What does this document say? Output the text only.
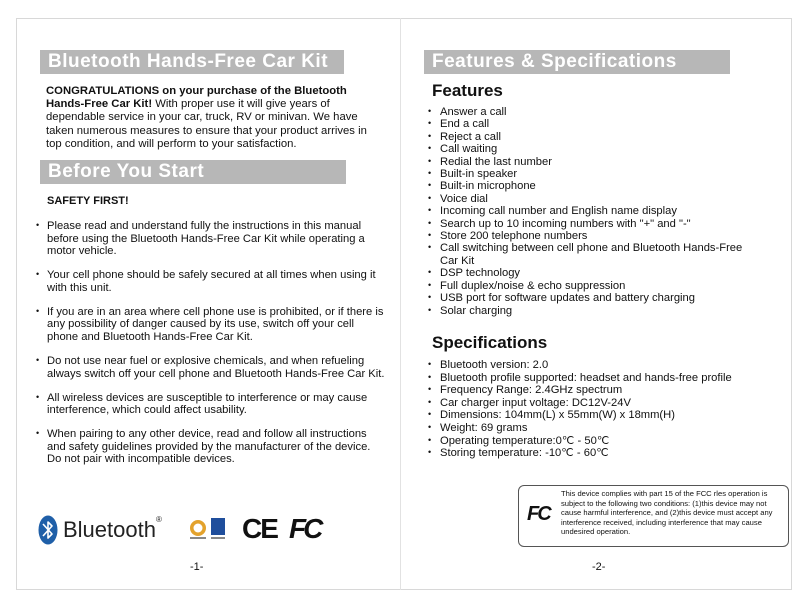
Bluetooth Hands-Free Car Kit
CONGRATULATIONS on your purchase of the Bluetooth Hands-Free Car Kit! With proper use it will give years of dependable service in your car, truck, RV or minivan. We have taken numerous measures to ensure that your product arrives in top condition, and will perform to your satisfaction.
Before You Start
SAFETY FIRST!
• Please read and understand fully the instructions in this manual before using the Bluetooth Hands-Free Car Kit while operating a motor vehicle.
• Your cell phone should be safely secured at all times when using it with this unit.
• If you are in an area where cell phone use is prohibited, or if there is any possibility of danger caused by its use, switch off your cell phone and Bluetooth Hands-Free Car Kit.
• Do not use near fuel or explosive chemicals, and when refueling always switch off your cell phone and Bluetooth Hands-Free Car Kit.
• All wireless devices are susceptible to interference or may cause interference, which could affect usability.
• When pairing to any other device, read and follow all instructions and safety guidelines provided by the manufacturer of the device. Do not pair with incompatible devices.
Bluetooth®	CE FC
-1-
Features & Specifications
Features
• Answer a call
• End a call
• Reject a call
• Call waiting
• Redial the last number
• Built-in speaker
• Built-in microphone
• Voice dial
• Incoming call number and English name display
• Search up to 10 incoming numbers with "+" and "-"
• Store 200 telephone numbers
• Call switching between cell phone and Bluetooth Hands-Free Car Kit
• DSP technology
• Full duplex/noise & echo suppression
• USB port for software updates and battery charging
• Solar charging
Specifications
• Bluetooth version: 2.0
• Bluetooth profile supported: headset and hands-free profile
• Frequency Range: 2.4GHz spectrum
• Car charger input voltage: DC12V-24V
• Dimensions: 104mm(L) x 55mm(W) x 18mm(H)
• Weight: 69 grams
• Operating temperature:0℃ - 50℃
• Storing temperature: -10℃ - 60℃
FC
This device complies with part 15 of the FCC rles operation is subject to the following two conditions: (1)this device may not cause harmful interference, and (2)this device must accept any interference received, including interference that may cause undesired operation.
-2-
